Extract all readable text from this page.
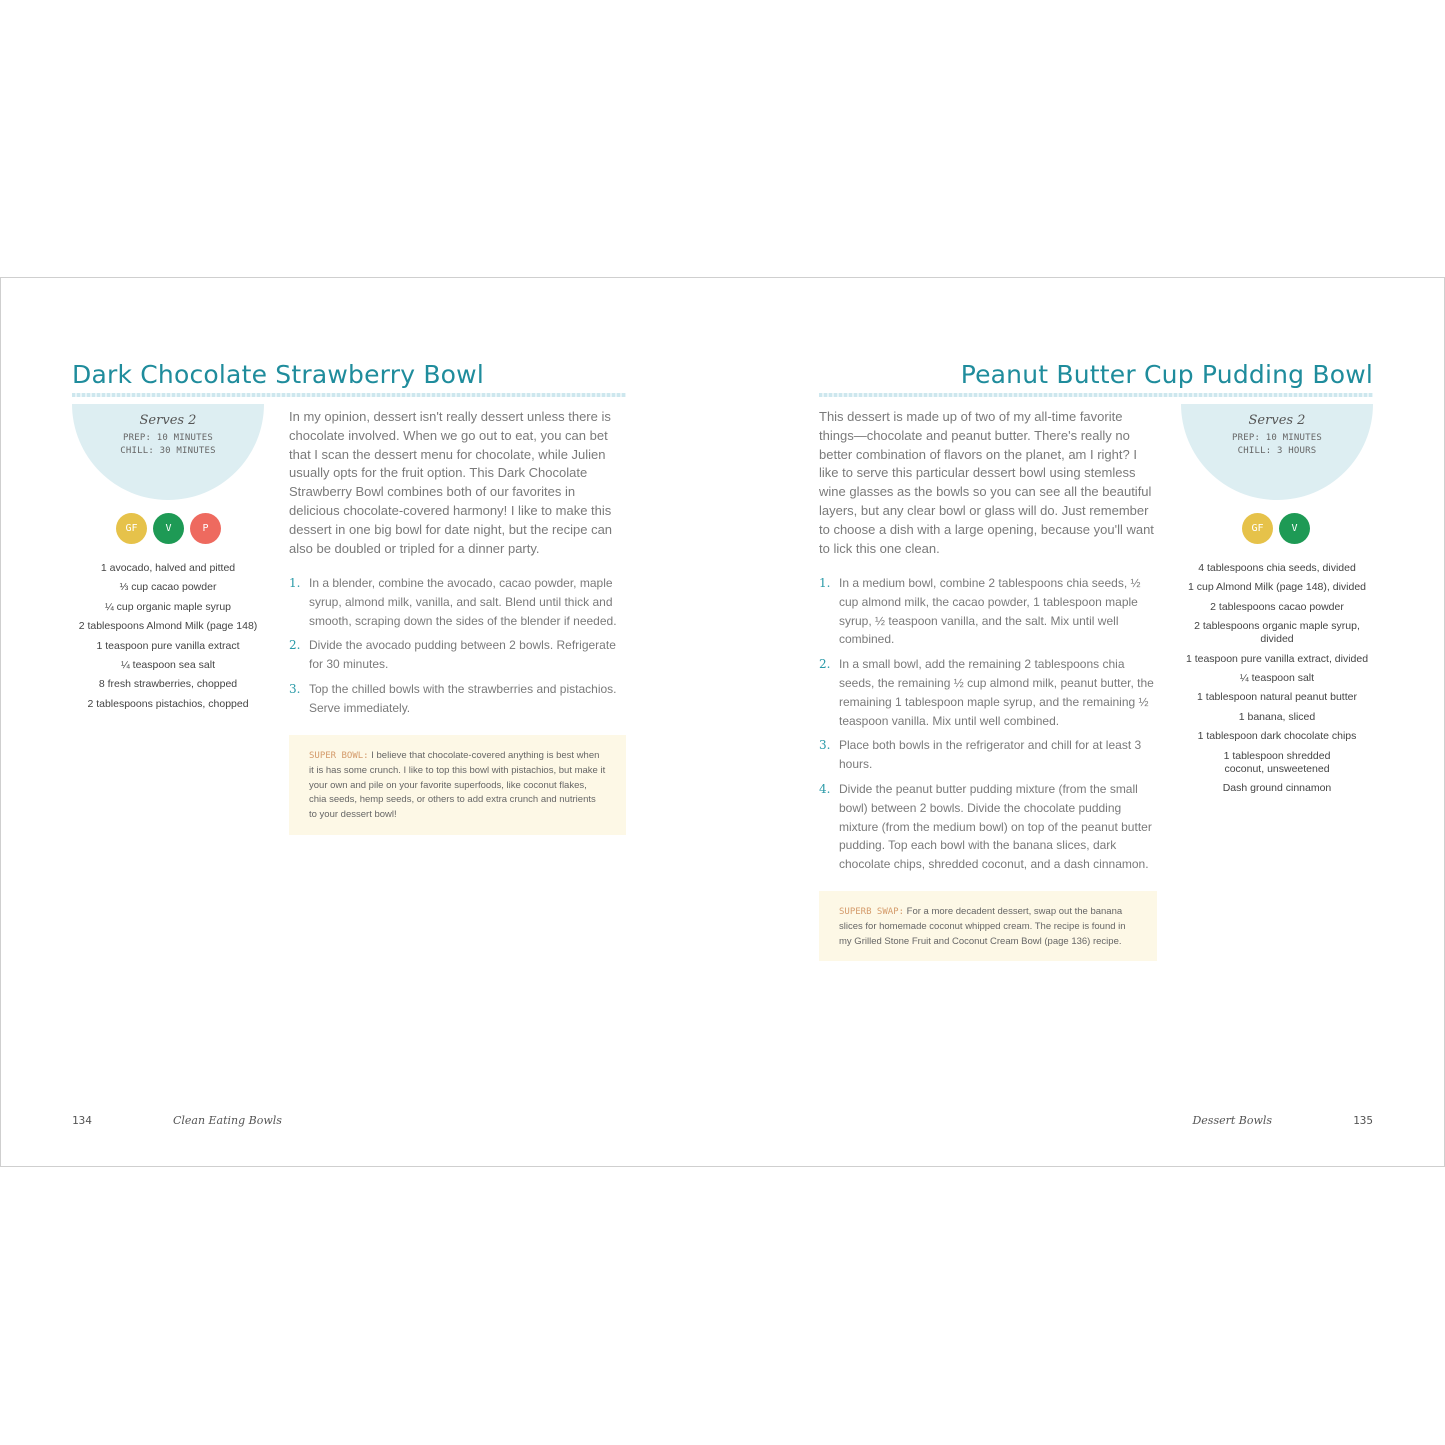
Dark Chocolate Strawberry Bowl
Serves 2
PREP: 10 MINUTES
CHILL: 30 MINUTES
GF	V	P
1 avocado, halved and pitted
⅓ cup cacao powder
¼ cup organic maple syrup
2 tablespoons Almond Milk (page 148)
1 teaspoon pure vanilla extract
¼ teaspoon sea salt
8 fresh strawberries, chopped
2 tablespoons pistachios, chopped

In my opinion, dessert isn't really dessert unless there is chocolate involved. When we go out to eat, you can bet that I scan the dessert menu for chocolate, while Julien usually opts for the fruit option. This Dark Chocolate Strawberry Bowl combines both of our favorites in delicious chocolate-covered harmony! I like to make this dessert in one big bowl for date night, but the recipe can also be doubled or tripled for a dinner party.

1. In a blender, combine the avocado, cacao powder, maple syrup, almond milk, vanilla, and salt. Blend until thick and smooth, scraping down the sides of the blender if needed.
2. Divide the avocado pudding between 2 bowls. Refrigerate for 30 minutes.
3. Top the chilled bowls with the strawberries and pistachios. Serve immediately.
SUPER BOWL: I believe that chocolate-covered anything is best when it is has some crunch. I like to top this bowl with pistachios, but make it your own and pile on your favorite superfoods, like coconut flakes, chia seeds, hemp seeds, or others to add extra crunch and nutrients to your dessert bowl!
134	Clean Eating Bowls
Peanut Butter Cup Pudding Bowl

This dessert is made up of two of my all-time favorite things—chocolate and peanut butter. There's really no better combination of flavors on the planet, am I right? I like to serve this particular dessert bowl using stemless wine glasses as the bowls so you can see all the beautiful layers, but any clear bowl or glass will do. Just remember to choose a dish with a large opening, because you'll want to lick this one clean.

1. In a medium bowl, combine 2 tablespoons chia seeds, ½ cup almond milk, the cacao powder, 1 tablespoon maple syrup, ½ teaspoon vanilla, and the salt. Mix until well combined.
2. In a small bowl, add the remaining 2 tablespoons chia seeds, the remaining ½ cup almond milk, peanut butter, the remaining 1 tablespoon maple syrup, and the remaining ½ teaspoon vanilla. Mix until well combined.
3. Place both bowls in the refrigerator and chill for at least 3 hours.
4. Divide the peanut butter pudding mixture (from the small bowl) between 2 bowls. Divide the chocolate pudding mixture (from the medium bowl) on top of the peanut butter pudding. Top each bowl with the banana slices, dark chocolate chips, shredded coconut, and a dash cinnamon.
SUPERB SWAP: For a more decadent dessert, swap out the banana slices for homemade coconut whipped cream. The recipe is found in my Grilled Stone Fruit and Coconut Cream Bowl (page 136) recipe.
Serves 2
PREP: 10 MINUTES
CHILL: 3 HOURS
GF	V
4 tablespoons chia seeds, divided
1 cup Almond Milk (page 148), divided
2 tablespoons cacao powder
2 tablespoons organic maple syrup, divided
1 teaspoon pure vanilla extract, divided
¼ teaspoon salt
1 tablespoon natural peanut butter
1 banana, sliced
1 tablespoon dark chocolate chips
1 tablespoon shredded coconut, unsweetened
Dash ground cinnamon
Dessert Bowls	135
